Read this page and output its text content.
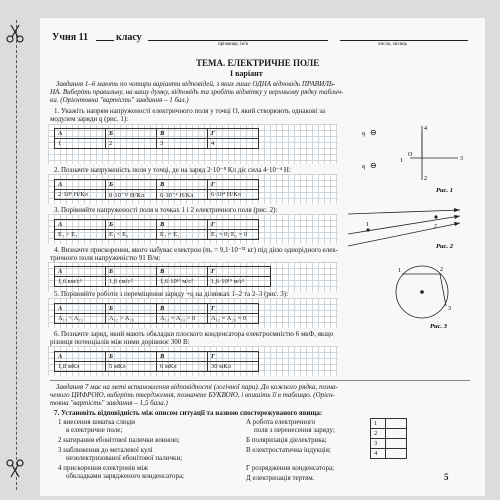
Учня 11	класу
прізвище, ім'я	число, місяць
ТЕМА. ЕЛЕКТРИЧНЕ ПОЛЕ
I варіант
Завдання 1–6 мають по чотири варіанти відповідей, з яких лише ОДНА відповідь ПРАВИЛЬ-
НА. Виберіть правильну, на вашу думку, відповідь та зробіть відмітку у верхньому рядку таблич-
ки. (Орієнтовна "вартість" завдання – 1 бал.)
1. Укажіть напрям напруженості електричного поля у точці О, який створюють однакові за
модулем заряди q (рис. 1):
А	Б	В	Г
1	2	3	4
q ⊖
O
q ⊖
4
3
1
2
Рис. 1
2. Позначте напруженість поля у точці, де на заряд 2·10⁻⁸ Кл діє сила 4·10⁻⁴ Н:
А	Б	В	Г
2·10⁵ Н/Кл	8·10⁻¹² Н/Кл	6·10⁻⁴ Н/Кл	6·10⁴ Н/Кл
3. Порівняйте напруженості поля в точках 1 і 2 електричного поля (рис. 2):
А	Б	В	Г
E₁ > E₂	E₁ < E₂	E₁ = E₂	E₁ = 0; E₂ = 0
1	2
Рис. 2
4. Визначте прискорення, якого набуває електрон (mₑ = 9,1·10⁻³¹ кг) під дією однорідного елек-
тричного поля напруженістю 91 В/м:
А	Б	В	Г
1,6 км/с²	1,6 см/с²	1,6·10¹³ м/с²	1,6·10¹⁹ м/с²
5. Порівняйте роботи з переміщення заряду +q на ділянках 1–2 та 2–3 (рис. 3):
А	Б	В	Г
A₁₂ < A₂₃	A₁₂ > A₂₃	A₁₂ = A₂₃ > 0	A₁₂ = A₂₃ = 0
1	2
3
Рис. 3
6. Позначте заряд, який мають обкладки плоского конденсатора електроємністю 6 мкФ, якщо
різниця потенціалів між ними дорівнює 300 В:
А	Б	В	Г
1,8 мКл	5 мКл	6 мКл	30 мКл
Завдання 7 має на меті встановлення відповідності (логічної пари). До кожного рядка, позна-
ченого ЦИФРОЮ, виберіть твердження, позначене БУКВОЮ, і впишіть її в таблицю. (Орієн-
товна "вартість" завдання – 1,5 бала.)
7. Установіть відповідність між описом ситуації та назвою спостережуваного явища:
1 внесення шматка слюди
в електричне поле;
2 натирання ебонітової палички вовною;
3 наближення до металевої кулі
незелектризованої ебонітової палички;
4 прискорення електронів між
обкладками зарядженого конденсатора;
А робота електричного
поля з перенесення заряду;
Б поляризація діелектрика;
В електростатична індукція;
Г розрядження конденсатора;
Д електризація тертям.
1	
2	
3	
4	
5
